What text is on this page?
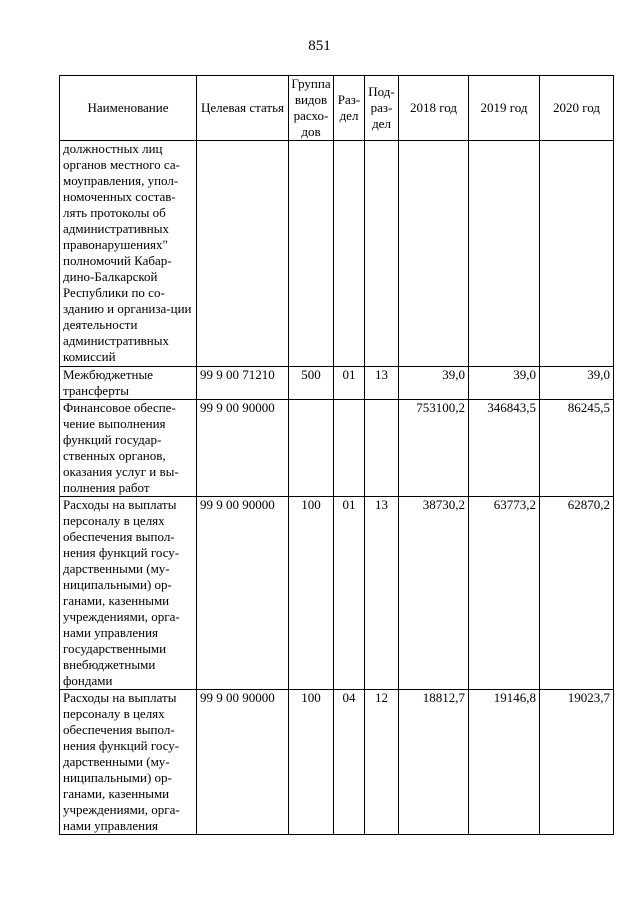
851
Наименование	Целевая статья	Группа видов расхо-дов	Раз-дел	Под-раз-дел	2018 год	2019 год	2020 год
должностных лиц органов местного са-моуправления, упол-номоченных состав-лять протоколы об административных правонарушениях" полномочий Кабар-дино-Балкарской Республики по со-зданию и организа-ции деятельности административных комиссий							
Межбюджетные трансферты	99 9 00 71210	500	01	13	39,0	39,0	39,0
Финансовое обеспе-чение выполнения функций государ-ственных органов, оказания услуг и вы-полнения работ	99 9 00 90000				753100,2	346843,5	86245,5
Расходы на выплаты персоналу в целях обеспечения выпол-нения функций госу-дарственными (му-ниципальными) ор-ганами, казенными учреждениями, орга-нами управления государственными внебюджетными фондами	99 9 00 90000	100	01	13	38730,2	63773,2	62870,2
Расходы на выплаты персоналу в целях обеспечения выпол-нения функций госу-дарственными (му-ниципальными) ор-ганами, казенными учреждениями, орга-нами управления	99 9 00 90000	100	04	12	18812,7	19146,8	19023,7
